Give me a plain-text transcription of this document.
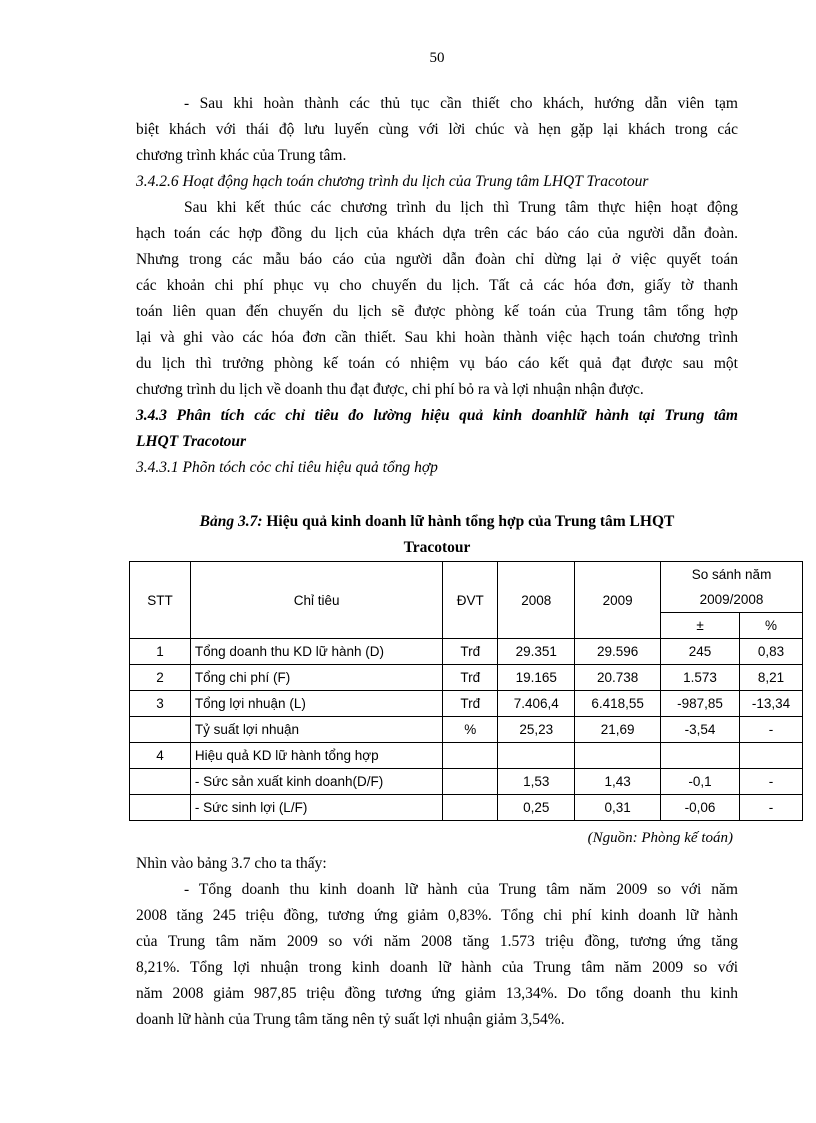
50
- Sau khi hoàn thành các thủ tục cần thiết cho khách, hướng dẫn viên tạm
biệt khách với thái độ lưu luyến cùng với lời chúc và hẹn gặp lại khách trong các
chương trình khác của Trung tâm.
3.4.2.6 Hoạt động hạch toán chương trình du lịch của Trung tâm LHQT Tracotour
Sau khi kết thúc các chương trình du lịch thì Trung tâm thực hiện hoạt động
hạch toán các hợp đồng du lịch của khách dựa trên các báo cáo của người dẫn đoàn.
Nhưng trong các mẫu báo cáo của người dẫn đoàn chỉ dừng lại ở việc quyết toán
các khoản chi phí phục vụ cho chuyến du lịch. Tất cả các hóa đơn, giấy tờ thanh
toán liên quan đến chuyến du lịch sẽ được phòng kế toán của Trung tâm tổng hợp
lại và ghi vào các hóa đơn cần thiết. Sau khi hoàn thành việc hạch toán chương trình
du lịch thì trưởng phòng kế toán có nhiệm vụ báo cáo kết quả đạt được sau một
chương trình du lịch về doanh thu đạt được, chi phí bỏ ra và lợi nhuận nhận được.
3.4.3 Phân tích các chỉ tiêu đo lường hiệu quả kinh doanhlữ hành tại Trung tâm
LHQT Tracotour
3.4.3.1 Phõn tóch cỏc chỉ tiêu hiệu quả tổng hợp
Bảng 3.7: Hiệu quả kinh doanh lữ hành tổng hợp của Trung tâm LHQT
Tracotour
STT	Chỉ tiêu	ĐVT	2008	2009	So sánh năm	
					2009/2008	
					±	%
1	Tổng doanh thu KD lữ hành (D)	Trđ	29.351	29.596	245	0,83
2	Tổng chi phí (F)	Trđ	19.165	20.738	1.573	8,21
3	Tổng lợi nhuận (L)	Trđ	7.406,4	6.418,55	-987,85	-13,34
	Tỷ suất lợi nhuận	%	25,23	21,69	-3,54	-
4	Hiệu quả KD lữ hành tổng hợp					
	- Sức sản xuất kinh doanh(D/F)		1,53	1,43	-0,1	-
	- Sức sinh lợi (L/F)		0,25	0,31	-0,06	-
(Nguồn: Phòng kế toán)
Nhìn vào bảng 3.7 cho ta thấy:
- Tổng doanh thu kinh doanh lữ hành của Trung tâm năm 2009 so với năm
2008 tăng 245 triệu đồng, tương ứng giảm 0,83%. Tổng chi phí kinh doanh lữ hành
của Trung tâm năm 2009 so với năm 2008 tăng 1.573 triệu đồng, tương ứng tăng
8,21%. Tổng lợi nhuận trong kinh doanh lữ hành của Trung tâm năm 2009 so với
năm 2008 giảm 987,85 triệu đồng tương ứng giảm 13,34%. Do tổng doanh thu kinh
doanh lữ hành của Trung tâm tăng nên tỷ suất lợi nhuận giảm 3,54%.
